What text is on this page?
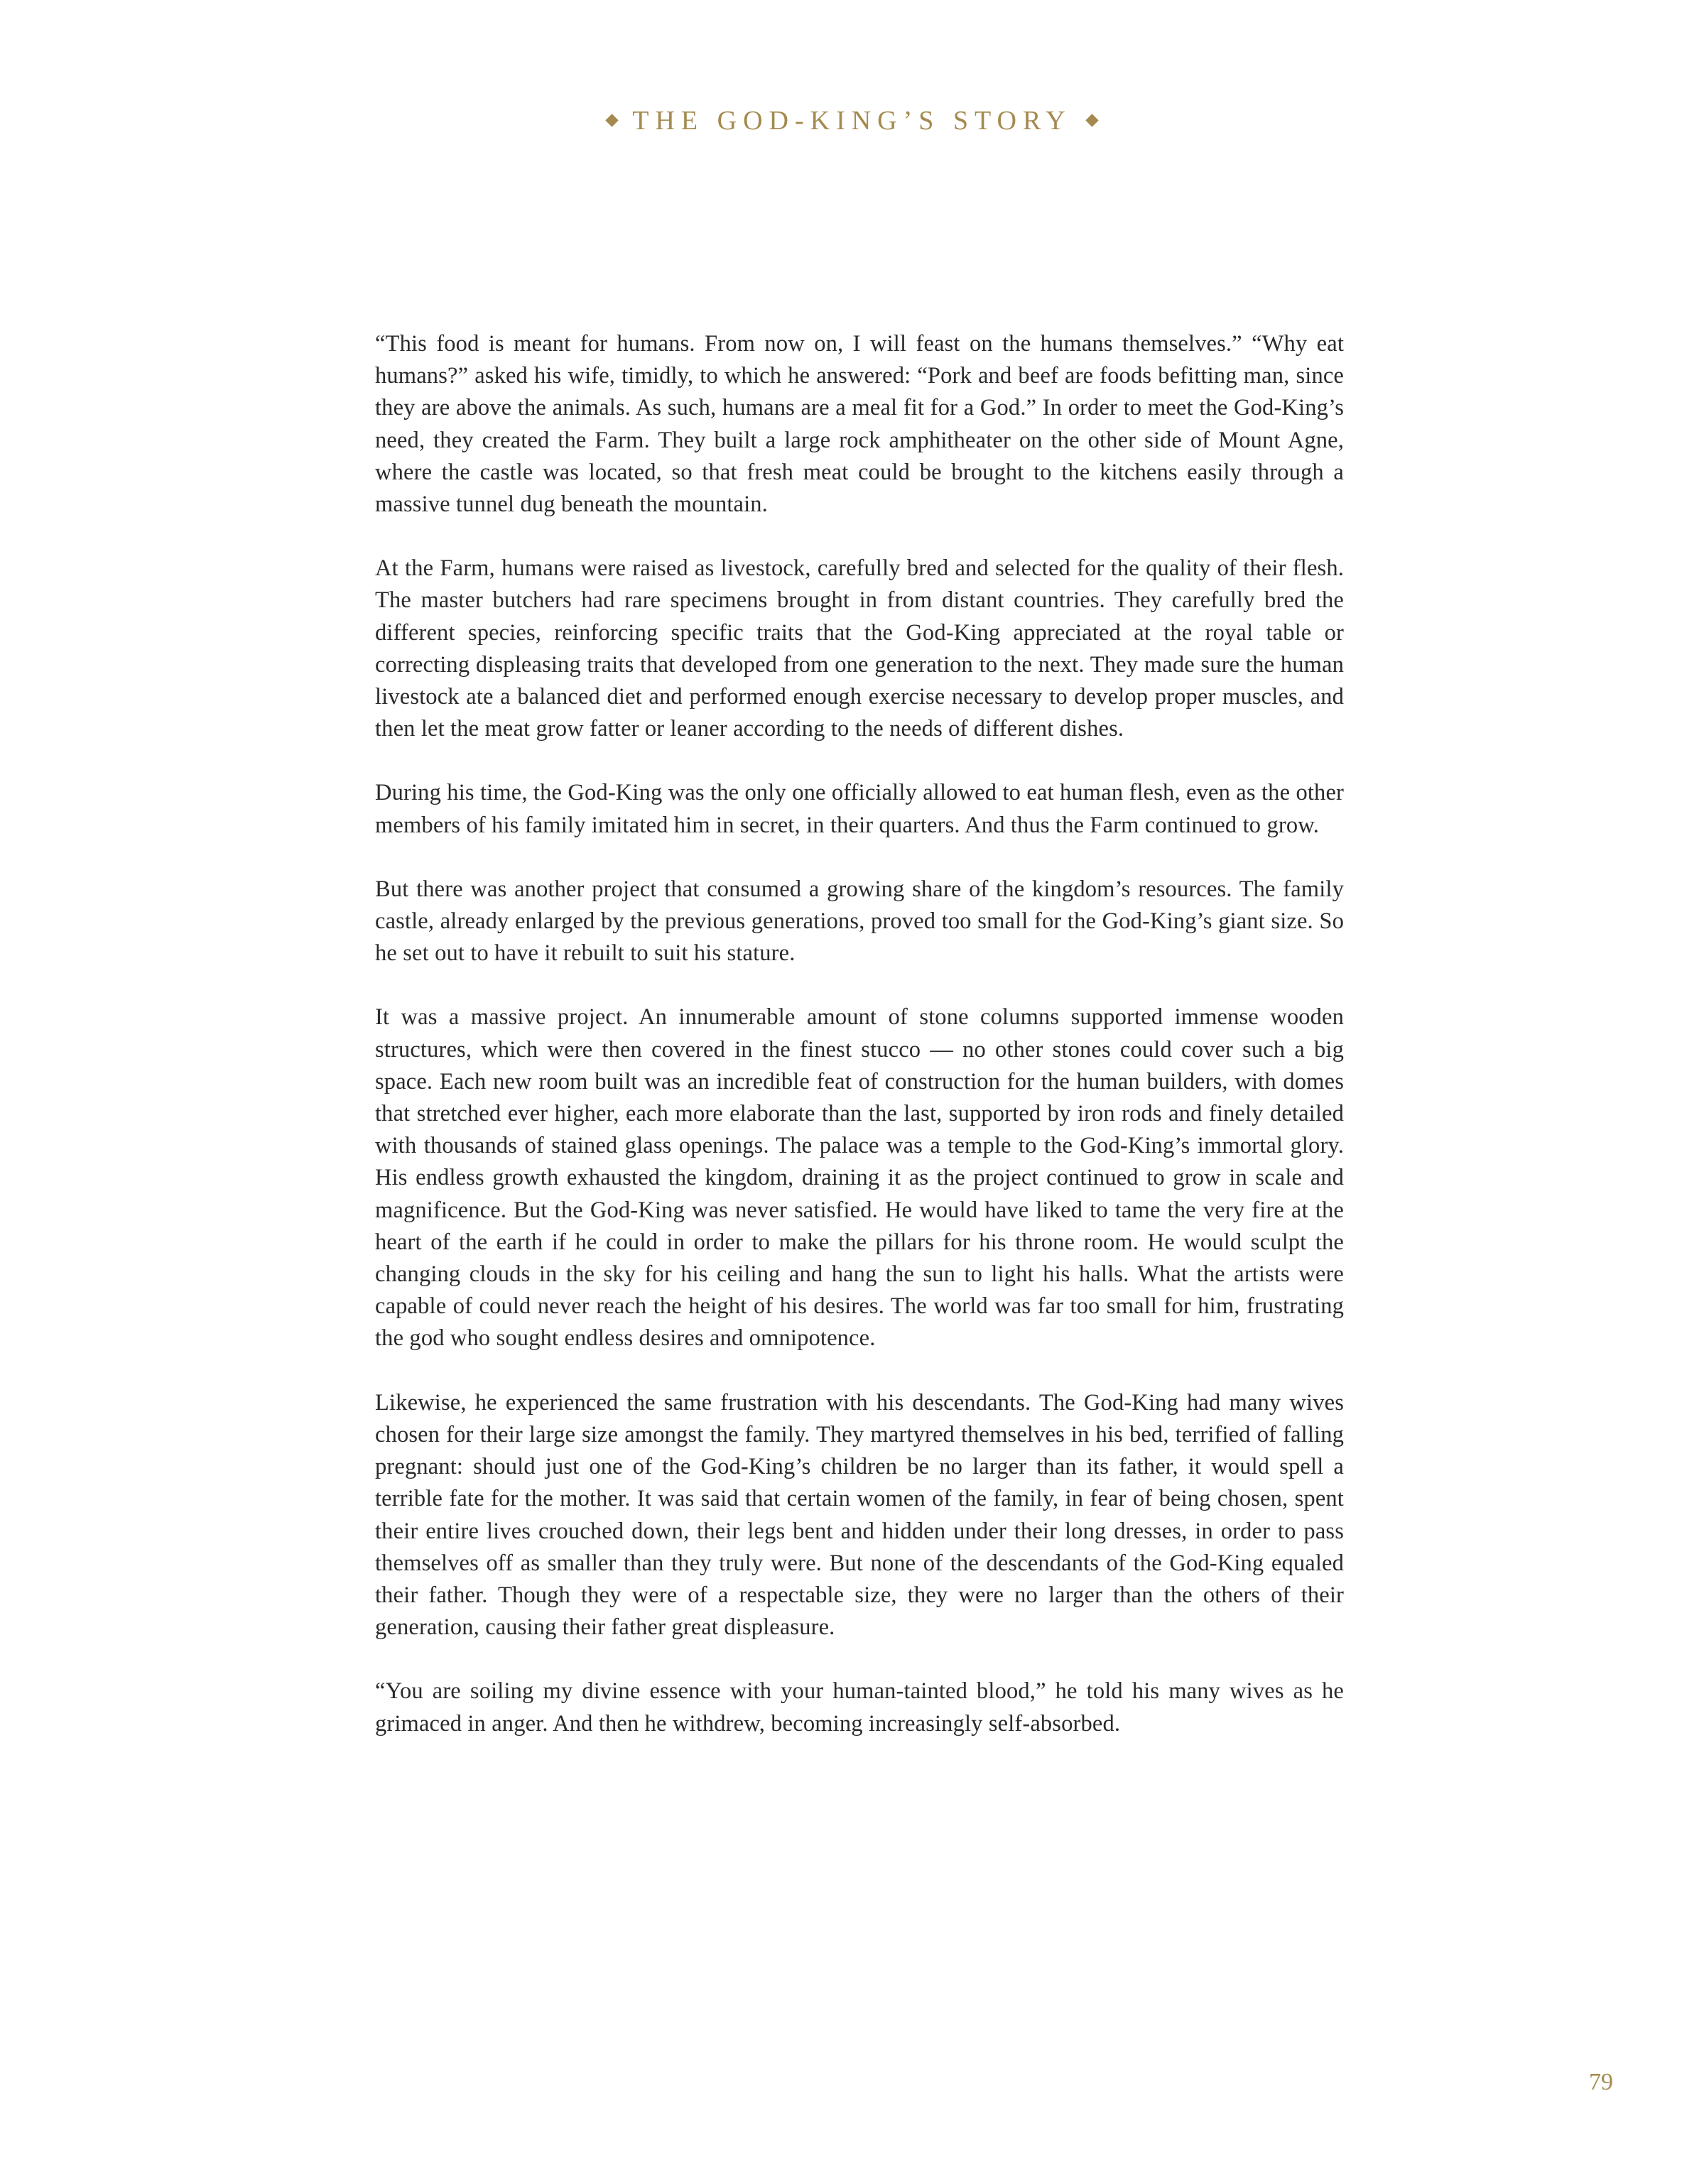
THE GOD-KING’S STORY

“This food is meant for humans. From now on, I will feast on the humans themselves.” “Why eat humans?” asked his wife, timidly, to which he answered: “Pork and beef are foods befitting man, since they are above the animals. As such, humans are a meal fit for a God.” In order to meet the God-King’s need, they created the Farm. They built a large rock amphitheater on the other side of Mount Agne, where the castle was located, so that fresh meat could be brought to the kitchens easily through a massive tunnel dug beneath the mountain.

At the Farm, humans were raised as livestock, carefully bred and selected for the quality of their flesh. The master butchers had rare specimens brought in from distant countries. They carefully bred the different species, reinforcing specific traits that the God-King appreciated at the royal table or correcting displeasing traits that developed from one generation to the next. They made sure the human livestock ate a balanced diet and performed enough exercise necessary to develop proper muscles, and then let the meat grow fatter or leaner according to the needs of different dishes.

During his time, the God-King was the only one officially allowed to eat human flesh, even as the other members of his family imitated him in secret, in their quarters. And thus the Farm continued to grow.

But there was another project that consumed a growing share of the kingdom’s resources. The family castle, already enlarged by the previous generations, proved too small for the God-King’s giant size. So he set out to have it rebuilt to suit his stature.

It was a massive project. An innumerable amount of stone columns supported immense wooden structures, which were then covered in the finest stucco — no other stones could cover such a big space. Each new room built was an incredible feat of construction for the human builders, with domes that stretched ever higher, each more elaborate than the last, supported by iron rods and finely detailed with thousands of stained glass openings. The palace was a temple to the God-King’s immortal glory. His endless growth exhausted the kingdom, draining it as the project continued to grow in scale and magnificence. But the God-King was never satisfied. He would have liked to tame the very fire at the heart of the earth if he could in order to make the pillars for his throne room. He would sculpt the changing clouds in the sky for his ceiling and hang the sun to light his halls. What the artists were capable of could never reach the height of his desires. The world was far too small for him, frustrating the god who sought endless desires and omnipotence.

Likewise, he experienced the same frustration with his descendants. The God-King had many wives chosen for their large size amongst the family. They martyred themselves in his bed, terrified of falling pregnant: should just one of the God-King’s children be no larger than its father, it would spell a terrible fate for the mother. It was said that certain women of the family, in fear of being chosen, spent their entire lives crouched down, their legs bent and hidden under their long dresses, in order to pass themselves off as smaller than they truly were. But none of the descendants of the God-King equaled their father. Though they were of a respectable size, they were no larger than the others of their generation, causing their father great displeasure.

“You are soiling my divine essence with your human-tainted blood,” he told his many wives as he grimaced in anger. And then he withdrew, becoming increasingly self-absorbed.

79
